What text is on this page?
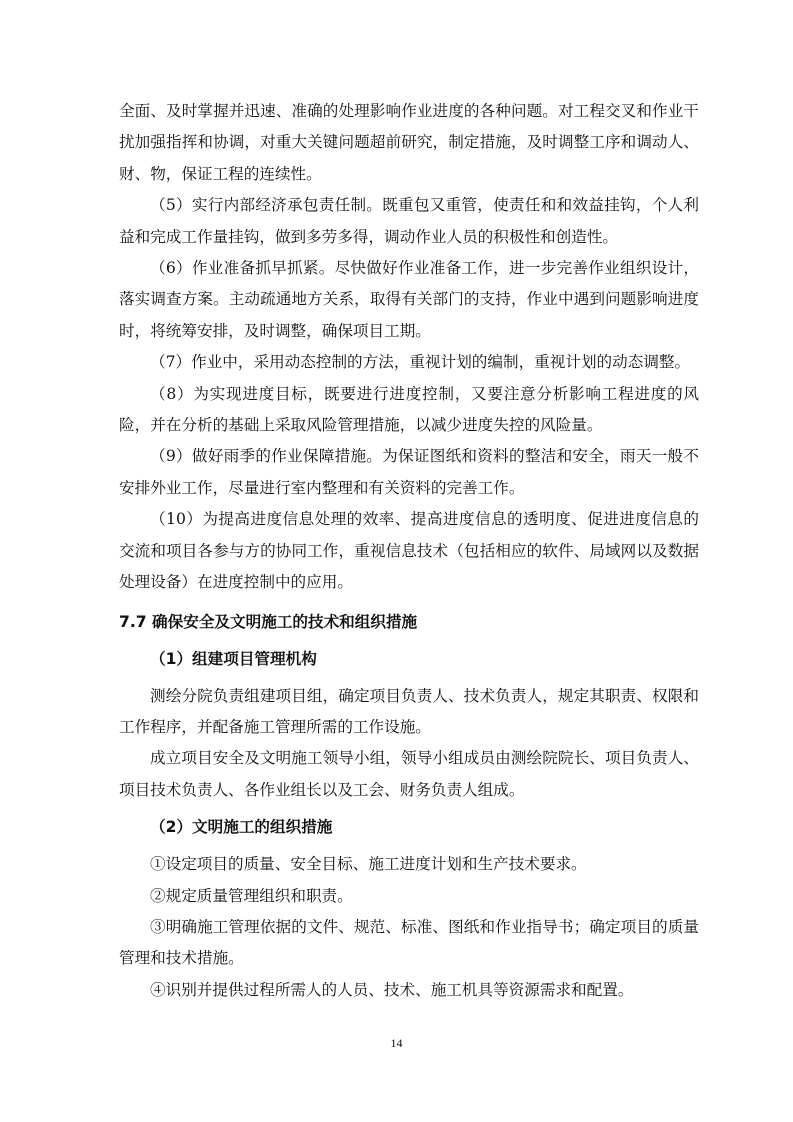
全面、及时掌握并迅速、准确的处理影响作业进度的各种问题。对工程交叉和作业干扰加强指挥和协调，对重大关键问题超前研究，制定措施，及时调整工序和调动人、财、物，保证工程的连续性。

（5）实行内部经济承包责任制。既重包又重管，使责任和和效益挂钩，个人利益和完成工作量挂钩，做到多劳多得，调动作业人员的积极性和创造性。

（6）作业准备抓早抓紧。尽快做好作业准备工作，进一步完善作业组织设计，落实调查方案。主动疏通地方关系，取得有关部门的支持，作业中遇到问题影响进度时，将统筹安排，及时调整，确保项目工期。

（7）作业中，采用动态控制的方法，重视计划的编制，重视计划的动态调整。

（8）为实现进度目标，既要进行进度控制，又要注意分析影响工程进度的风险，并在分析的基础上采取风险管理措施，以减少进度失控的风险量。

（9）做好雨季的作业保障措施。为保证图纸和资料的整洁和安全，雨天一般不安排外业工作，尽量进行室内整理和有关资料的完善工作。

（10）为提高进度信息处理的效率、提高进度信息的透明度、促进进度信息的交流和项目各参与方的协同工作，重视信息技术（包括相应的软件、局域网以及数据处理设备）在进度控制中的应用。

7.7 确保安全及文明施工的技术和组织措施
（1）组建项目管理机构

测绘分院负责组建项目组，确定项目负责人、技术负责人，规定其职责、权限和工作程序，并配备施工管理所需的工作设施。

成立项目安全及文明施工领导小组，领导小组成员由测绘院院长、项目负责人、项目技术负责人、各作业组长以及工会、财务负责人组成。

（2）文明施工的组织措施

①设定项目的质量、安全目标、施工进度计划和生产技术要求。

②规定质量管理组织和职责。

③明确施工管理依据的文件、规范、标准、图纸和作业指导书；确定项目的质量管理和技术措施。

④识别并提供过程所需人的人员、技术、施工机具等资源需求和配置。

14
